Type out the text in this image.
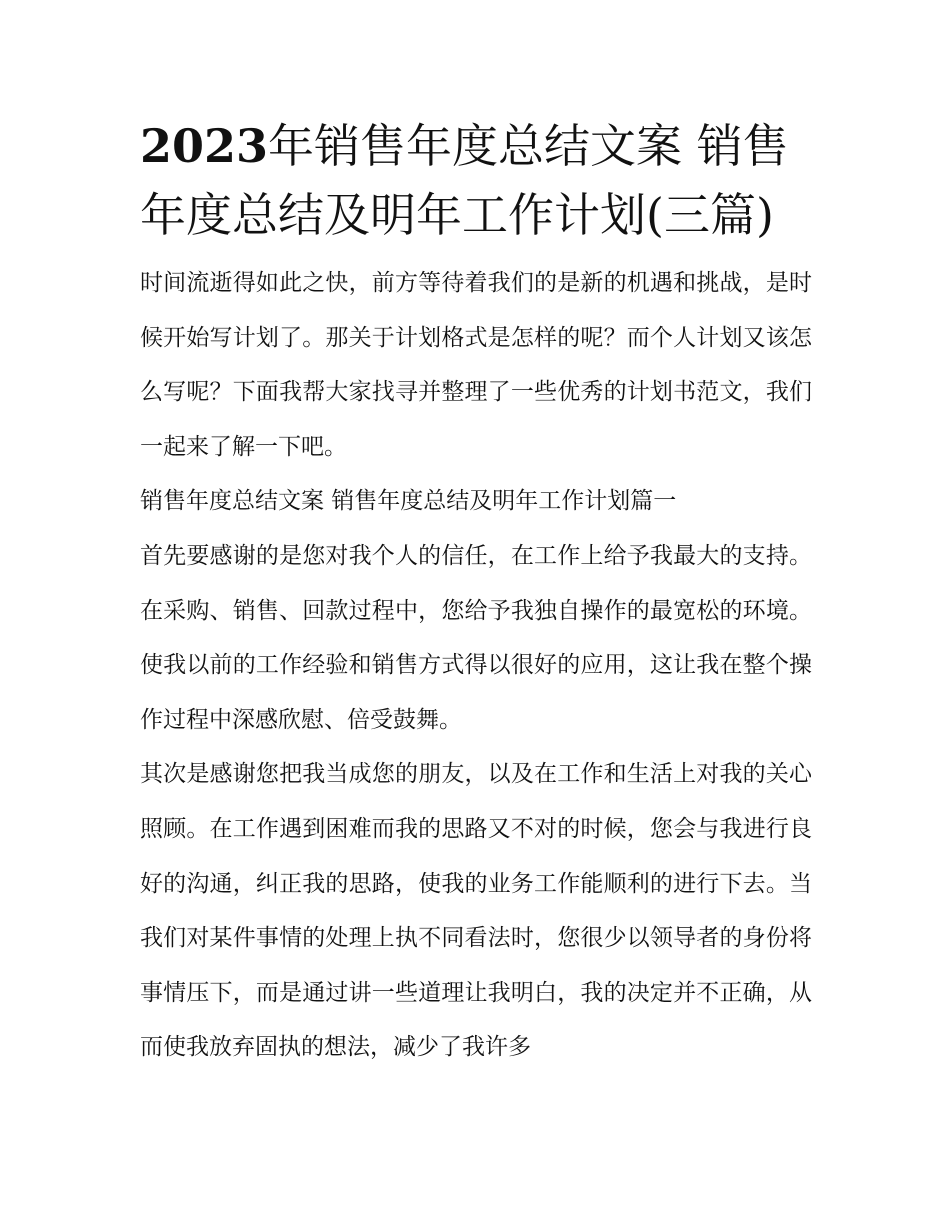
2023年销售年度总结文案 销售年度总结及明年工作计划(三篇)

时间流逝得如此之快，前方等待着我们的是新的机遇和挑战，是时候开始写计划了。那关于计划格式是怎样的呢？而个人计划又该怎么写呢？下面我帮大家找寻并整理了一些优秀的计划书范文，我们一起来了解一下吧。

销售年度总结文案 销售年度总结及明年工作计划篇一

首先要感谢的是您对我个人的信任，在工作上给予我最大的支持。在采购、销售、回款过程中，您给予我独自操作的最宽松的环境。使我以前的工作经验和销售方式得以很好的应用，这让我在整个操作过程中深感欣慰、倍受鼓舞。

其次是感谢您把我当成您的朋友，以及在工作和生活上对我的关心照顾。在工作遇到困难而我的思路又不对的时候，您会与我进行良好的沟通，纠正我的思路，使我的业务工作能顺利的进行下去。当我们对某件事情的处理上执不同看法时，您很少以领导者的身份将事情压下，而是通过讲一些道理让我明白，我的决定并不正确，从而使我放弃固执的想法，减少了我许多
